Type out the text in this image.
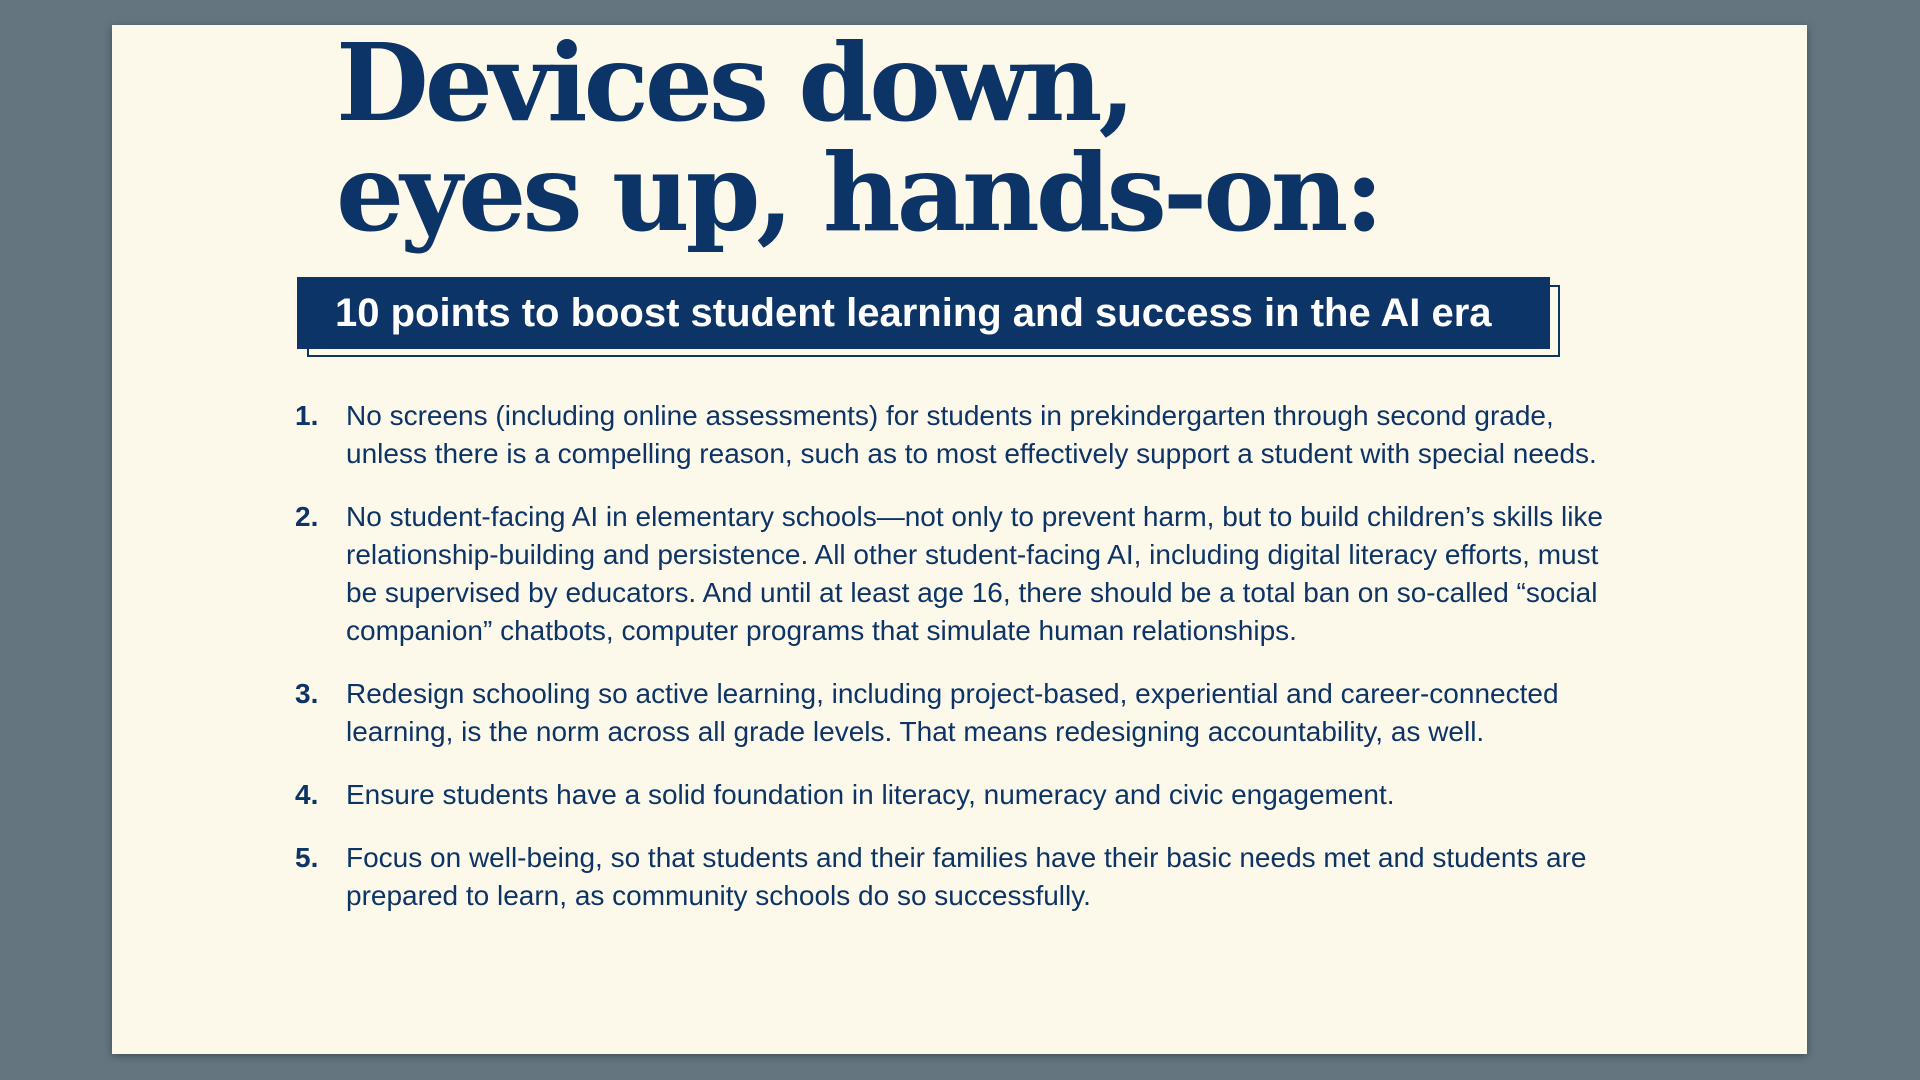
Devices down,
eyes up, hands-on:
10 points to boost student learning and success in the AI era
1. No screens (including online assessments) for students in prekindergarten through second grade, unless there is a compelling reason, such as to most effectively support a student with special needs.
2. No student-facing AI in elementary schools—not only to prevent harm, but to build children’s skills like relationship-building and persistence. All other student-facing AI, including digital literacy efforts, must be supervised by educators. And until at least age 16, there should be a total ban on so-called “social companion” chatbots, computer programs that simulate human relationships.
3. Redesign schooling so active learning, including project-based, experiential and career-connected learning, is the norm across all grade levels. That means redesigning accountability, as well.
4. Ensure students have a solid foundation in literacy, numeracy and civic engagement.
5. Focus on well-being, so that students and their families have their basic needs met and students are prepared to learn, as community schools do so successfully.
